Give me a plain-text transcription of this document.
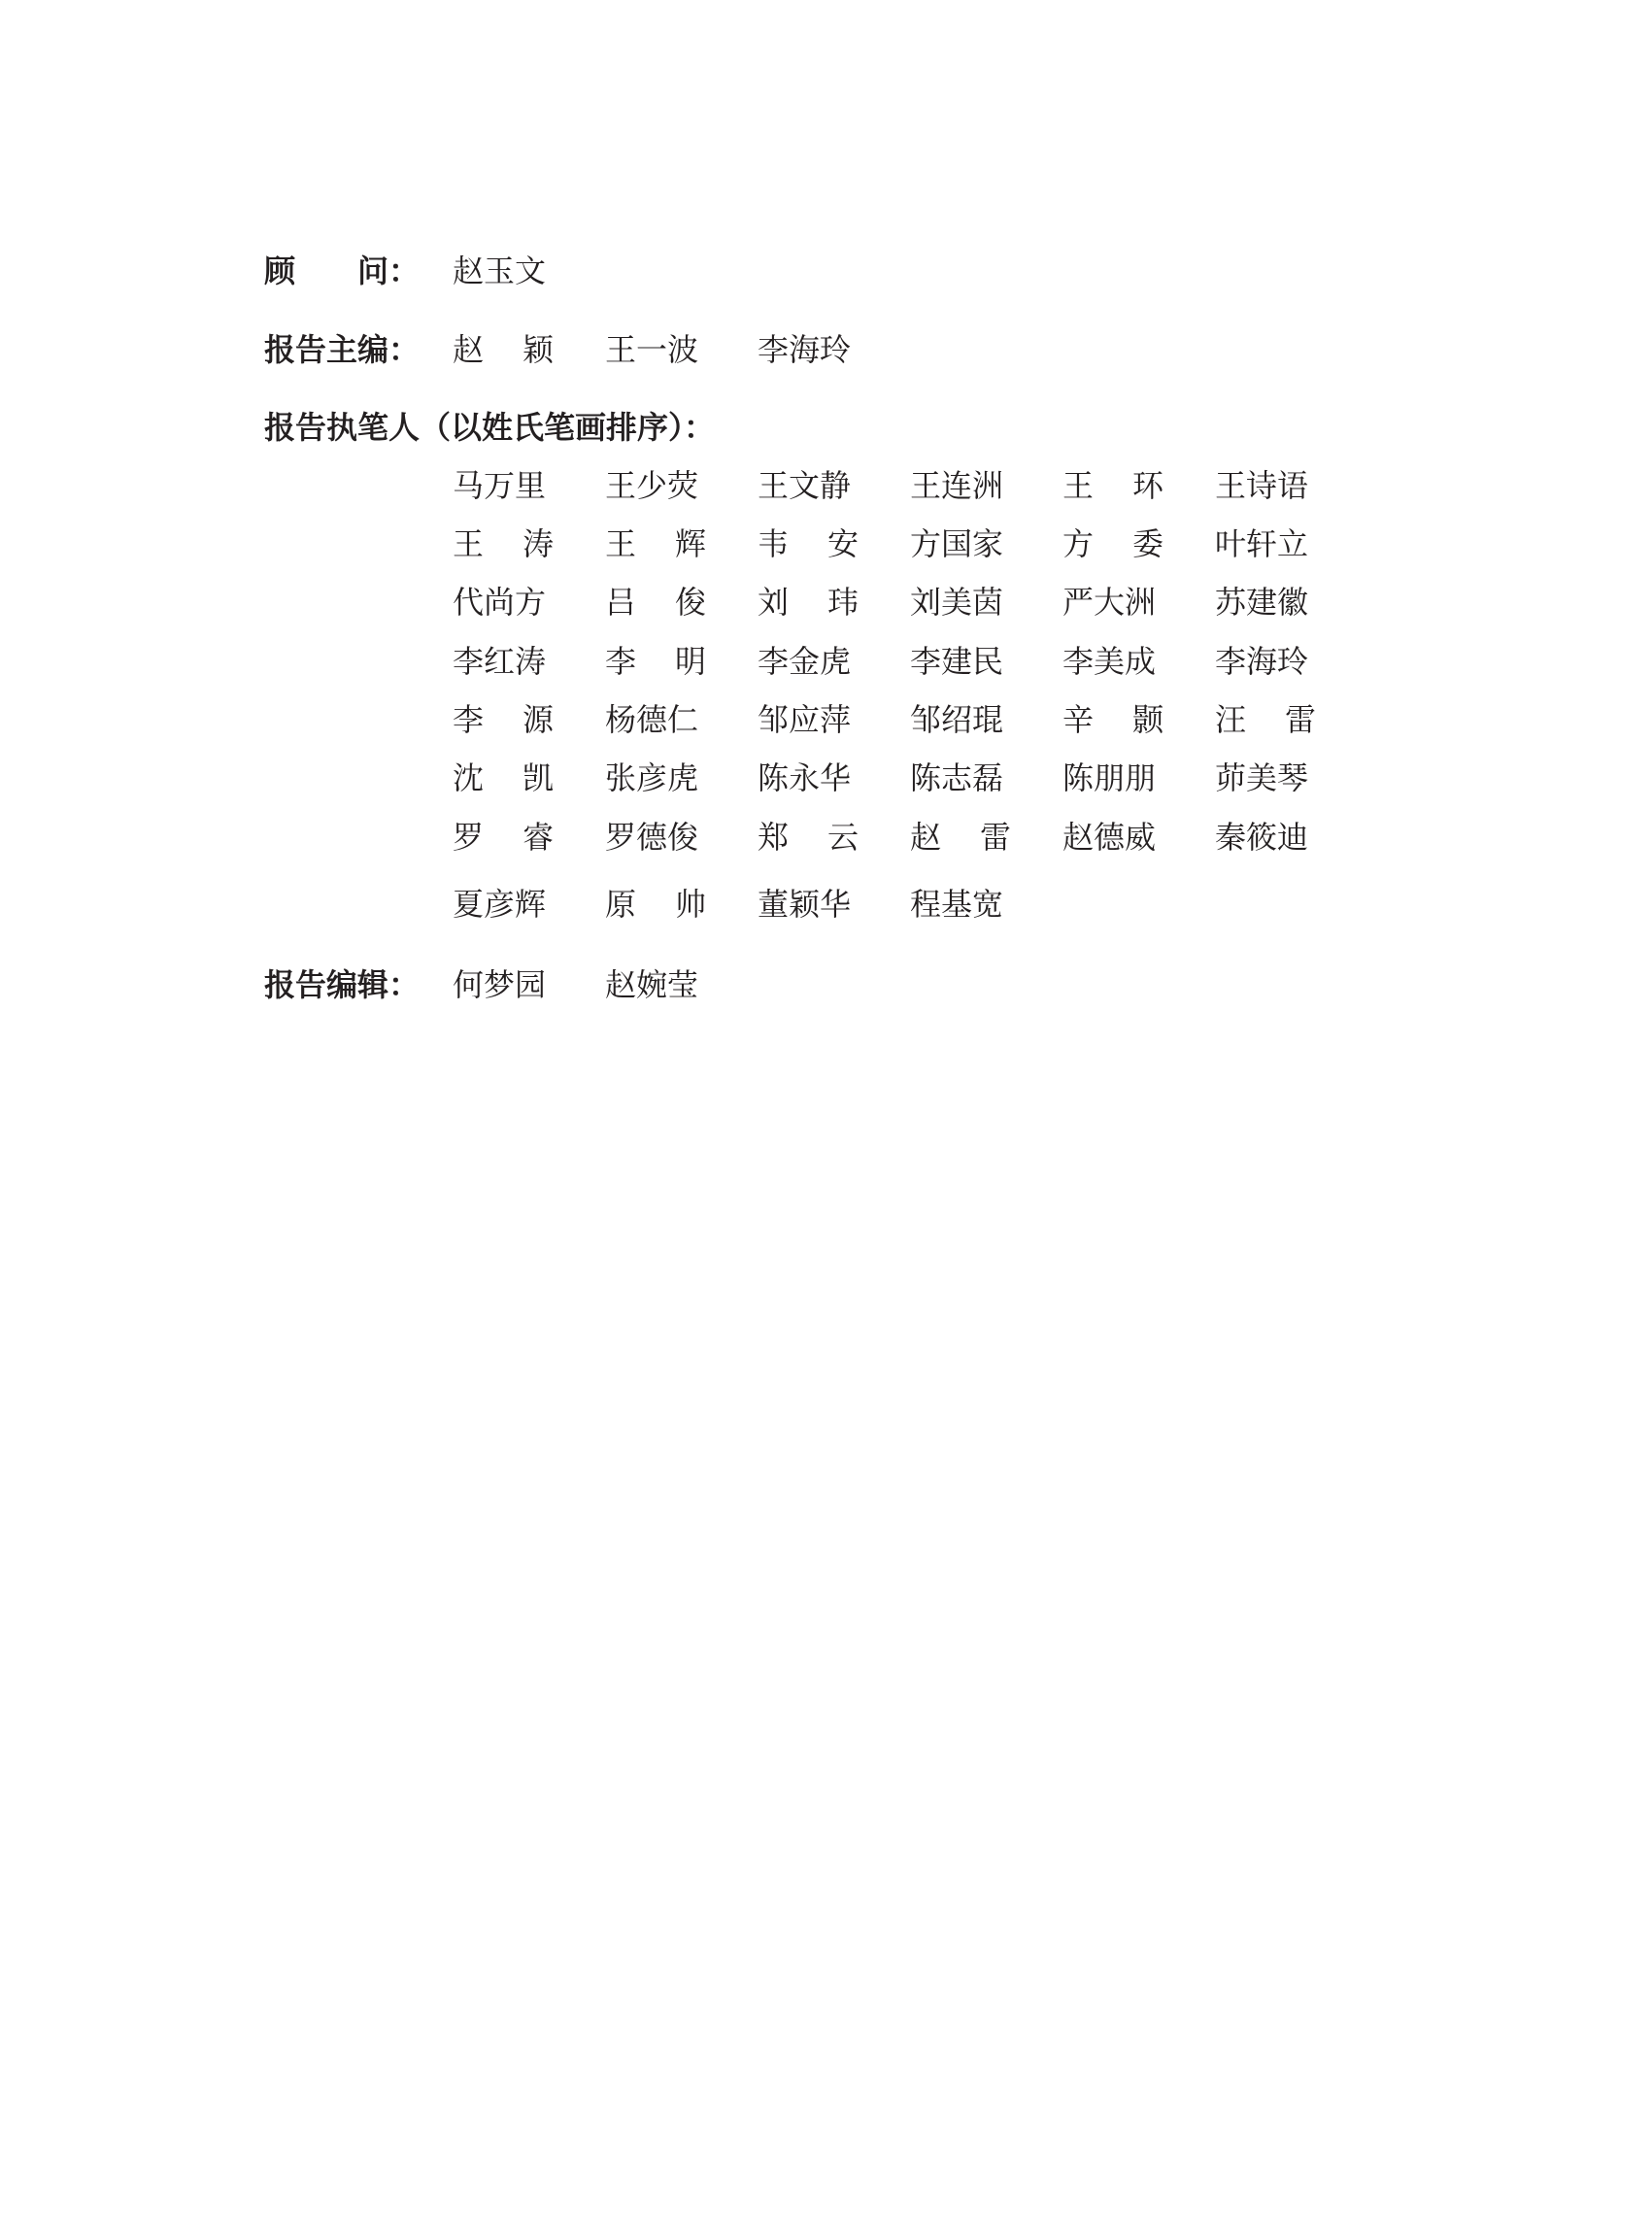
顾 问： 赵玉文
报告主编： 赵　颖 王一波 李海玲
报告执笔人（以姓氏笔画排序）：
马万里 王少荧 王文静 王连洲 王　环 王诗语
王　涛 王　辉 韦　安 方国家 方　委 叶轩立
代尚方 吕　俊 刘　玮 刘美茵 严大洲 苏建徽
李红涛 李　明 李金虎 李建民 李美成 李海玲
李　源 杨德仁 邹应萍 邹绍琨 辛　颢 汪　雷
沈　凯 张彦虎 陈永华 陈志磊 陈朋朋 茆美琴
罗　睿 罗德俊 郑　云 赵　雷 赵德威 秦筱迪
夏彦辉 原　帅 董颖华 程基宽
报告编辑： 何梦园 赵婉莹
